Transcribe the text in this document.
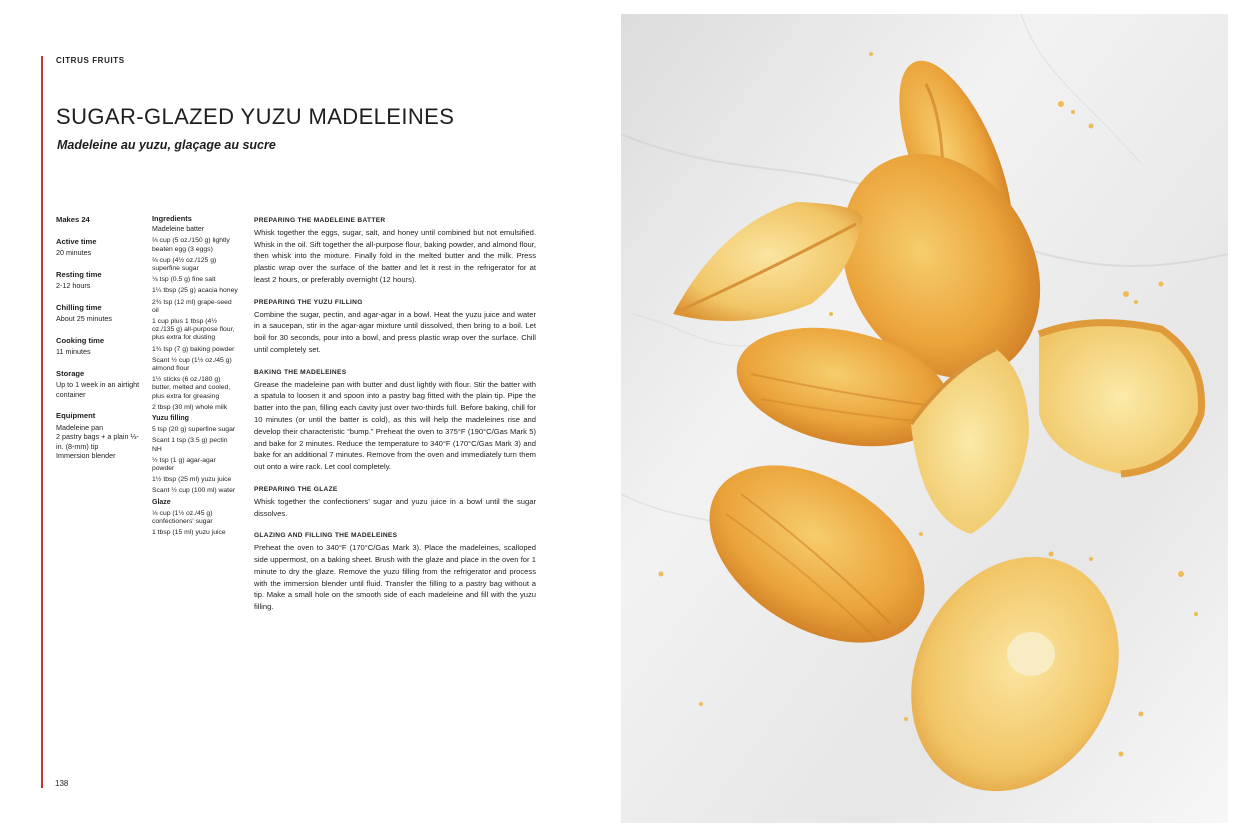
CITRUS FRUITS
SUGAR-GLAZED YUZU MADELEINES
Madeleine au yuzu, glaçage au sucre
Makes 24
Active time
20 minutes
Resting time
2-12 hours
Chilling time
About 25 minutes
Cooking time
11 minutes
Storage
Up to 1 week in an airtight container
Equipment
Madeleine pan
2 pastry bags + a plain ⅓-in. (8-mm) tip
Immersion blender
Ingredients
Madeleine batter
⅔ cup (5 oz./150 g) lightly beaten egg (3 eggs)
⅔ cup (4½ oz./125 g) superfine sugar
⅛ tsp (0.5 g) fine salt
1¼ tbsp (25 g) acacia honey
2¾ tsp (12 ml) grape-seed oil
1 cup plus 1 tbsp (4½ oz./135 g) all-purpose flour, plus extra for dusting
1¾ tsp (7 g) baking powder
Scant ½ cup (1½ oz./45 g) almond flour
1½ sticks (6 oz./180 g) butter, melted and cooled, plus extra for greasing
2 tbsp (30 ml) whole milk
Yuzu filling
5 tsp (20 g) superfine sugar
Scant 1 tsp (3.5 g) pectin NH
½ tsp (1 g) agar-agar powder
1½ tbsp (25 ml) yuzu juice
Scant ½ cup (100 ml) water
Glaze
⅓ cup (1½ oz./45 g) confectioners' sugar
1 tbsp (15 ml) yuzu juice
PREPARING THE MADELEINE BATTER

Whisk together the eggs, sugar, salt, and honey until combined but not emulsified. Whisk in the oil. Sift together the all-purpose flour, baking powder, and almond flour, then whisk into the mixture. Finally fold in the melted butter and the milk. Press plastic wrap over the surface of the batter and let it rest in the refrigerator for at least 2 hours, or preferably overnight (12 hours).

PREPARING THE YUZU FILLING

Combine the sugar, pectin, and agar-agar in a bowl. Heat the yuzu juice and water in a saucepan, stir in the agar-agar mixture until dissolved, then bring to a boil. Let boil for 30 seconds, pour into a bowl, and press plastic wrap over the surface. Chill until completely set.

BAKING THE MADELEINES

Grease the madeleine pan with butter and dust lightly with flour. Stir the batter with a spatula to loosen it and spoon into a pastry bag fitted with the plain tip. Pipe the batter into the pan, filling each cavity just over two-thirds full. Before baking, chill for 10 minutes (or until the batter is cold), as this will help the madeleines rise and develop their characteristic “bump.” Preheat the oven to 375°F (190°C/Gas Mark 5) and bake for 2 minutes. Reduce the temperature to 340°F (170°C/Gas Mark 3) and bake for an additional 7 minutes. Remove from the oven and immediately turn them out onto a wire rack. Let cool completely.

PREPARING THE GLAZE

Whisk together the confectioners' sugar and yuzu juice in a bowl until the sugar dissolves.

GLAZING AND FILLING THE MADELEINES

Preheat the oven to 340°F (170°C/Gas Mark 3). Place the madeleines, scalloped side uppermost, on a baking sheet. Brush with the glaze and place in the oven for 1 minute to dry the glaze. Remove the yuzu filling from the refrigerator and process with the immersion blender until fluid. Transfer the filling to a pastry bag without a tip. Make a small hole on the smooth side of each madeleine and fill with the yuzu filling.

138
